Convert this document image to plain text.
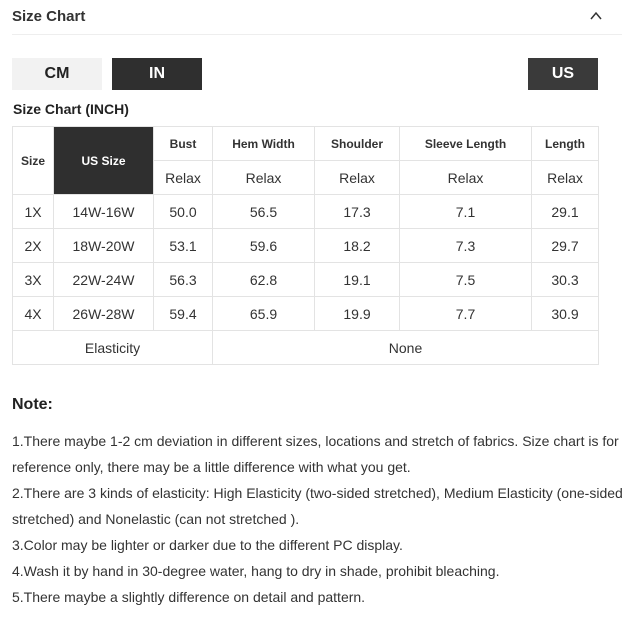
Size Chart
CM	IN	US
Size Chart (INCH)
Size	US Size	Bust	Hem Width	Shoulder	Sleeve Length	Length
		Relax	Relax	Relax	Relax	Relax
1X	14W-16W	50.0	56.5	17.3	7.1	29.1
2X	18W-20W	53.1	59.6	18.2	7.3	29.7
3X	22W-24W	56.3	62.8	19.1	7.5	30.3
4X	26W-28W	59.4	65.9	19.9	7.7	30.9
Elasticity			None			
Note:

1.There maybe 1-2 cm deviation in different sizes, locations and stretch of fabrics. Size chart is for reference only, there may be a little difference with what you get.

2.There are 3 kinds of elasticity: High Elasticity (two-sided stretched), Medium Elasticity (one-sided stretched) and Nonelastic (can not stretched ).

3.Color may be lighter or darker due to the different PC display.

4.Wash it by hand in 30-degree water, hang to dry in shade, prohibit bleaching.

5.There maybe a slightly difference on detail and pattern.
